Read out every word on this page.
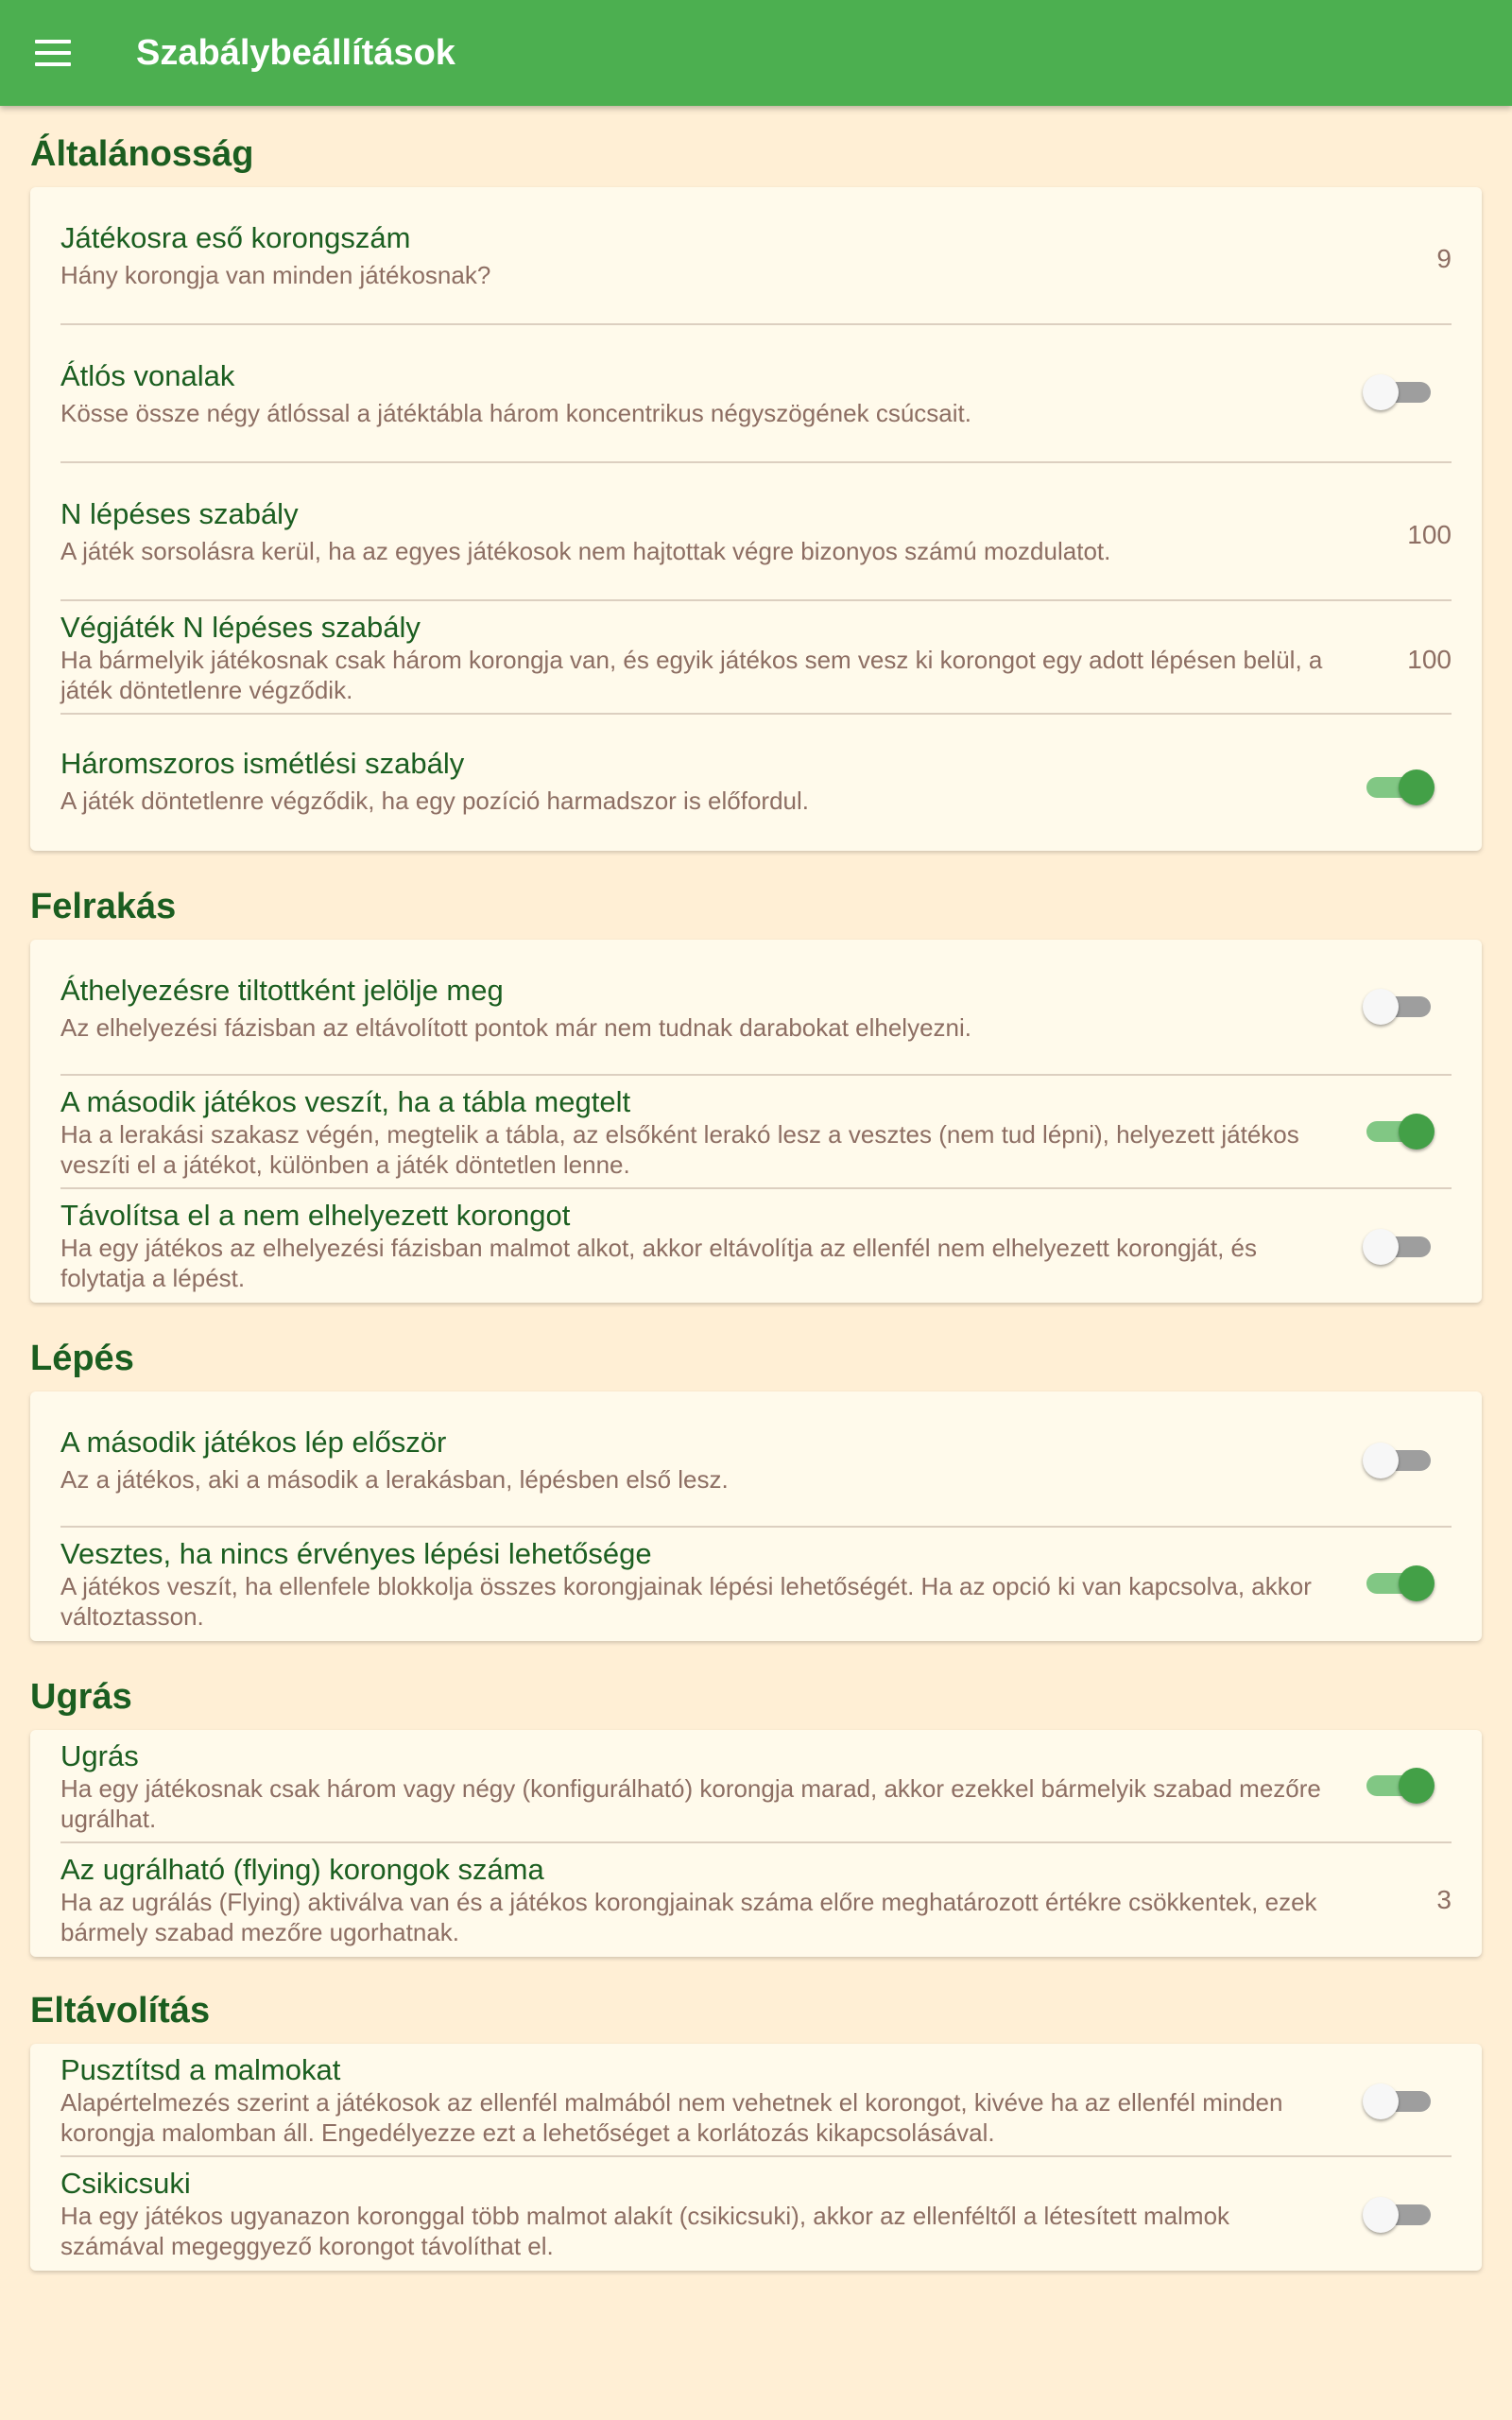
Szabálybeállítások
Általánosság
Játékosra eső korongszám
Hány korongja van minden játékosnak?
9
Átlós vonalak
Kösse össze négy átlóssal a játéktábla három koncentrikus négyszögének csúcsait.
N lépéses szabály
A játék sorsolásra kerül, ha az egyes játékosok nem hajtottak végre bizonyos számú mozdulatot.
100
Végjáték N lépéses szabály
Ha bármelyik játékosnak csak három korongja van, és egyik játékos sem vesz ki korongot egy adott lépésen belül, a játék döntetlenre végződik.
100
Háromszoros ismétlési szabály
A játék döntetlenre végződik, ha egy pozíció harmadszor is előfordul.
Felrakás
Áthelyezésre tiltottként jelölje meg
Az elhelyezési fázisban az eltávolított pontok már nem tudnak darabokat elhelyezni.
A második játékos veszít, ha a tábla megtelt
Ha a lerakási szakasz végén, megtelik a tábla, az elsőként lerakó lesz a vesztes (nem tud lépni), helyezett játékos veszíti el a játékot, különben a játék döntetlen lenne.
Távolítsa el a nem elhelyezett korongot
Ha egy játékos az elhelyezési fázisban malmot alkot, akkor eltávolítja az ellenfél nem elhelyezett korongját, és folytatja a lépést.
Lépés
A második játékos lép először
Az a játékos, aki a második a lerakásban, lépésben első lesz.
Vesztes, ha nincs érvényes lépési lehetősége
A játékos veszít, ha ellenfele blokkolja összes korongjainak lépési lehetőségét. Ha az opció ki van kapcsolva, akkor változtasson.
Ugrás
Ugrás
Ha egy játékosnak csak három vagy négy (konfigurálható) korongja marad, akkor ezekkel bármelyik szabad mezőre ugrálhat.
Az ugrálható (flying) korongok száma
Ha az ugrálás (Flying) aktiválva van és a játékos korongjainak száma előre meghatározott értékre csökkentek, ezek bármely szabad mezőre ugorhatnak.
3
Eltávolítás
Pusztítsd a malmokat
Alapértelmezés szerint a játékosok az ellenfél malmából nem vehetnek el korongot, kivéve ha az ellenfél minden korongja malomban áll. Engedélyezze ezt a lehetőséget a korlátozás kikapcsolásával.
Csikicsuki
Ha egy játékos ugyanazon koronggal több malmot alakít (csikicsuki), akkor az ellenféltől a létesített malmok számával megeggyező korongot távolíthat el.
